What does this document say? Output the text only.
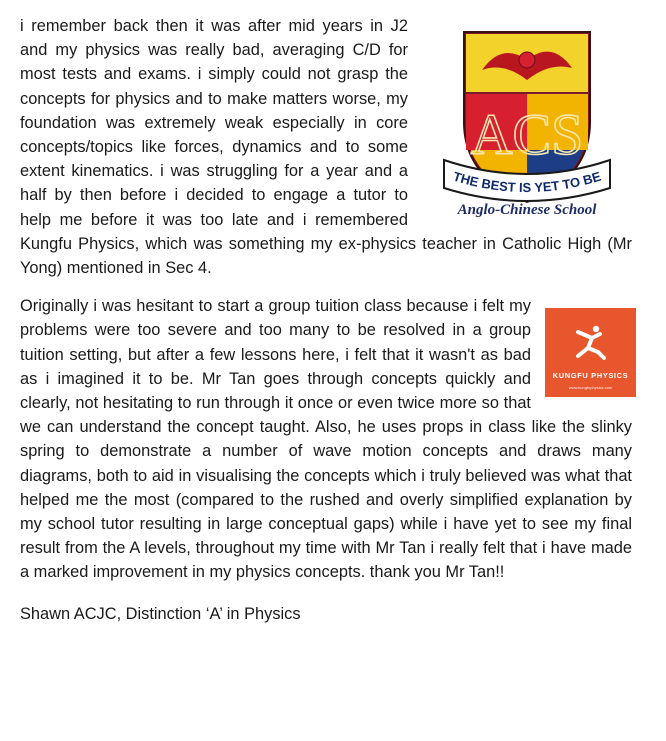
ACS
THE BEST IS YET TO BE
Anglo-Chinese School

i remember back then it was after mid years in J2 and my physics was really bad, averaging C/D for most tests and exams. i simply could not grasp the concepts for physics and to make matters worse, my foundation was extremely weak especially in core concepts/topics like forces, dynamics and to some extent kinematics. i was struggling for a year and a half by then before i decided to engage a tutor to help me before it was too late and i remembered Kungfu Physics, which was something my ex-physics teacher in Catholic High (Mr Yong) mentioned in Sec 4.

KUNGFU PHYSICS
www.kungfuphysics.com
Originally i was hesitant to start a group tuition class because i felt my problems were too severe and too many to be resolved in a group tuition setting, but after a few lessons here, i felt that it wasn't as bad as i imagined it to be. Mr Tan goes through concepts quickly and clearly, not hesitating to run through it once or even twice more so that we can understand the concept taught. Also, he uses props in class like the slinky spring to demonstrate a number of wave motion concepts and draws many diagrams, both to aid in visualising the concepts which i truly believed was what that helped me the most (compared to the rushed and overly simplified explanation by my school tutor resulting in large conceptual gaps) while i have yet to see my final result from the A levels, throughout my time with Mr Tan i really felt that i have made a marked improvement in my physics concepts. thank you Mr Tan!!

Shawn ACJC, Distinction ‘A’ in Physics
